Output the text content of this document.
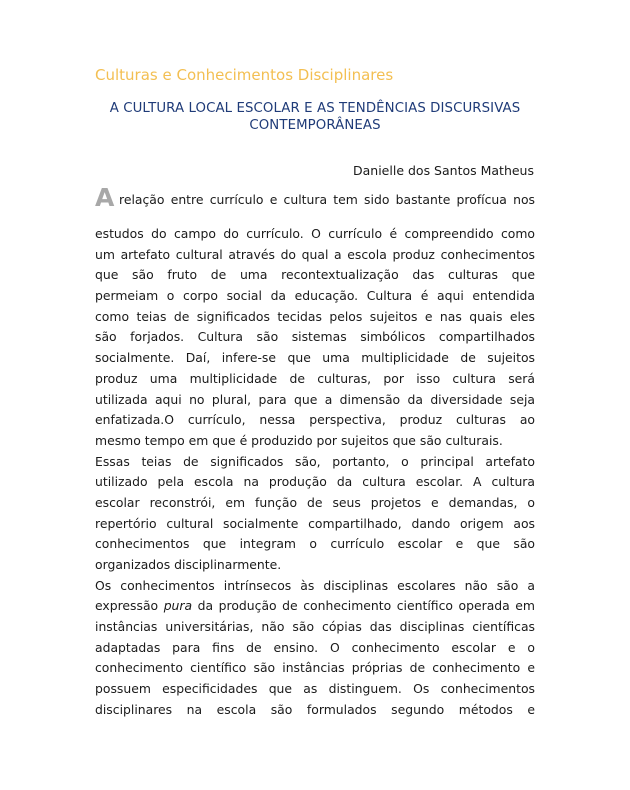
Culturas e Conhecimentos Disciplinares
A CULTURA LOCAL ESCOLAR E AS TENDÊNCIAS DISCURSIVAS
CONTEMPORÂNEAS
Danielle dos Santos Matheus
A relação entre currículo e cultura tem sido bastante profícua nos
estudos do campo do currículo. O currículo é compreendido como
um artefato cultural através do qual a escola produz conhecimentos
que são fruto de uma recontextualização das culturas que
permeiam o corpo social da educação. Cultura é aqui entendida
como teias de significados tecidas pelos sujeitos e nas quais eles
são forjados. Cultura são sistemas simbólicos compartilhados
socialmente. Daí, infere-se que uma multiplicidade de sujeitos
produz uma multiplicidade de culturas, por isso cultura será
utilizada aqui no plural, para que a dimensão da diversidade seja
enfatizada.O currículo, nessa perspectiva, produz culturas ao
mesmo tempo em que é produzido por sujeitos que são culturais.
Essas teias de significados são, portanto, o principal artefato
utilizado pela escola na produção da cultura escolar. A cultura
escolar reconstrói, em função de seus projetos e demandas, o
repertório cultural socialmente compartilhado, dando origem aos
conhecimentos que integram o currículo escolar e que são
organizados disciplinarmente.
Os conhecimentos intrínsecos às disciplinas escolares não são a
expressão pura da produção de conhecimento científico operada em
instâncias universitárias, não são cópias das disciplinas científicas
adaptadas para fins de ensino. O conhecimento escolar e o
conhecimento científico são instâncias próprias de conhecimento e
possuem especificidades que as distinguem. Os conhecimentos
disciplinares na escola são formulados segundo métodos e
